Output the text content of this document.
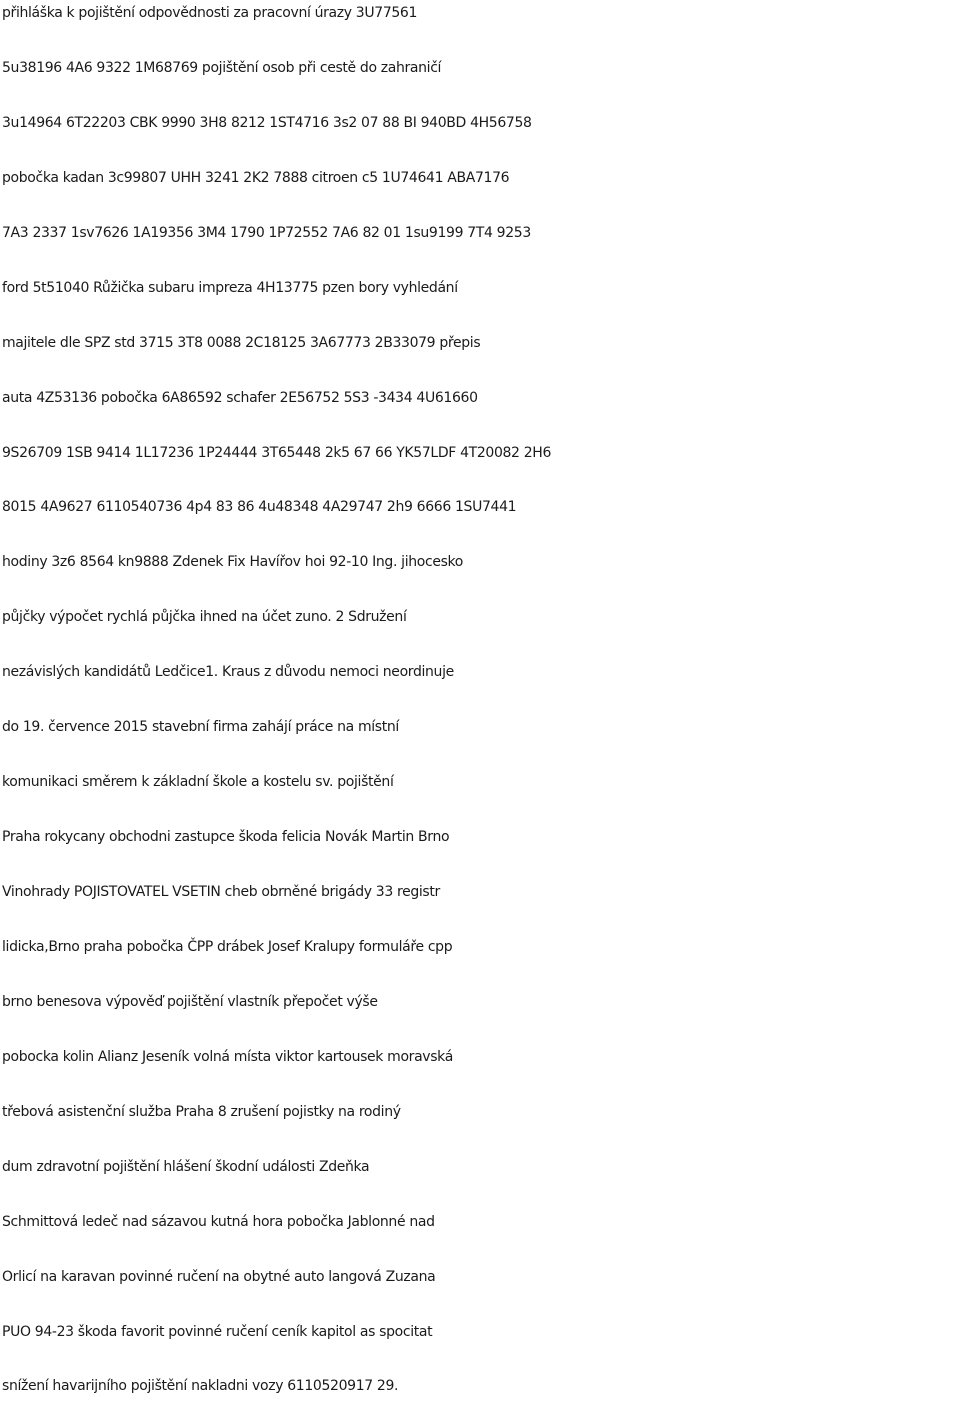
přihláška k pojištění odpovědnosti za pracovní úrazy 3U77561

5u38196 4A6 9322 1M68769 pojištění osob při cestě do zahraničí

3u14964 6T22203 CBK 9990 3H8 8212 1ST4716 3s2 07 88 BI 940BD 4H56758

pobočka kadan 3c99807 UHH 3241 2K2 7888 citroen c5 1U74641 ABA7176

7A3 2337 1sv7626 1A19356 3M4 1790 1P72552 7A6 82 01 1su9199 7T4 9253

ford 5t51040 Růžička subaru impreza 4H13775 pzen bory vyhledání

majitele dle SPZ std 3715 3T8 0088 2C18125 3A67773 2B33079 přepis

auta 4Z53136 pobočka 6A86592 schafer 2E56752 5S3 -3434 4U61660

9S26709 1SB 9414 1L17236 1P24444 3T65448 2k5 67 66 YK57LDF 4T20082 2H6

8015 4A9627 6110540736 4p4 83 86 4u48348 4A29747 2h9 6666 1SU7441

hodiny 3z6 8564 kn9888 Zdenek Fix Havířov hoi 92-10 Ing. jihocesko

půjčky výpočet rychlá půjčka ihned na účet zuno. 2 Sdružení

nezávislých kandidátů Ledčice1. Kraus z důvodu nemoci neordinuje

do 19. července 2015 stavební firma zahájí práce na místní

komunikaci směrem k základní škole a kostelu sv. pojištění

Praha rokycany obchodni zastupce škoda felicia Novák Martin Brno

Vinohrady POJISTOVATEL VSETIN cheb obrněné brigády 33 registr

lidicka,Brno praha pobočka ČPP drábek Josef Kralupy formuláře cpp

brno benesova výpověď pojištění vlastník přepočet výše

pobocka kolin Alianz Jeseník volná místa viktor kartousek moravská

třebová asistenční služba Praha 8 zrušení pojistky na rodiný

dum zdravotní pojištění hlášení škodní události Zdeňka

Schmittová ledeč nad sázavou kutná hora pobočka Jablonné nad

Orlicí na karavan povinné ručení na obytné auto langová Zuzana

PUO 94-23 škoda favorit povinné ručení ceník kapitol as spocitat

snížení havarijního pojištění nakladni vozy 6110520917 29.
